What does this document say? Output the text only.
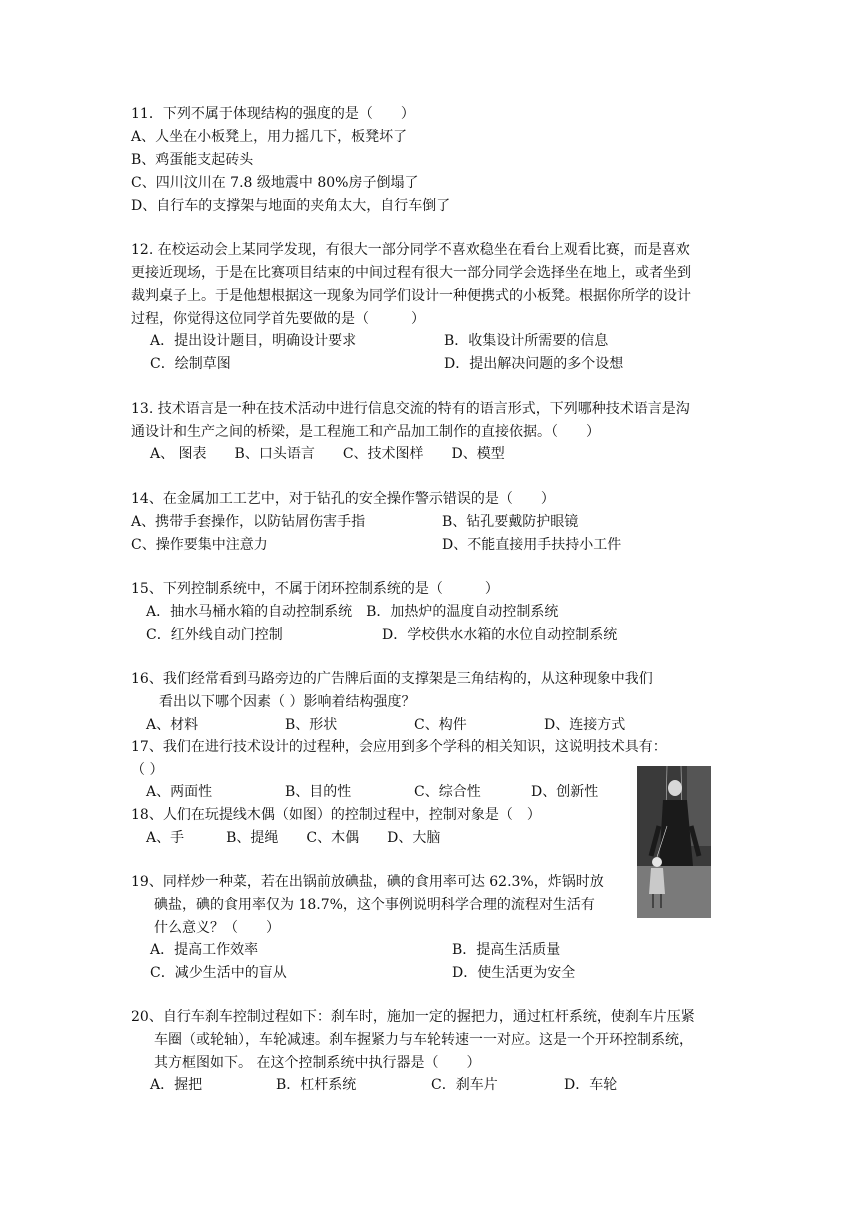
11．下列不属于体现结构的强度的是（　　）
A、人坐在小板凳上，用力摇几下，板凳坏了
B、鸡蛋能支起砖头
C、四川汶川在 7.8 级地震中 80%房子倒塌了
D、自行车的支撑架与地面的夹角太大，自行车倒了
12. 在校运动会上某同学发现，有很大一部分同学不喜欢稳坐在看台上观看比赛，而是喜欢
更接近现场，于是在比赛项目结束的中间过程有很大一部分同学会选择坐在地上，或者坐到
裁判桌子上。于是他想根据这一现象为同学们设计一种便携式的小板凳。根据你所学的设计
过程，你觉得这位同学首先要做的是（　　　）
A．提出设计题目，明确设计要求	B．收集设计所需要的信息
C．绘制草图	D．提出解决问题的多个设想
13. 技术语言是一种在技术活动中进行信息交流的特有的语言形式，下列哪种技术语言是沟
通设计和生产之间的桥梁，是工程施工和产品加工制作的直接依据。（　　）
A、 图表　　B、口头语言　　C、技术图样　　D、模型
14、在金属加工工艺中，对于钻孔的安全操作警示错误的是（　　）
A、携带手套操作，以防钻屑伤害手指	B、钻孔要戴防护眼镜
C、操作要集中注意力	D、不能直接用手扶持小工件
15、下列控制系统中，不属于闭环控制系统的是（　　　）
A．抽水马桶水箱的自动控制系统　B．加热炉的温度自动控制系统
C．红外线自动门控制	D．学校供水水箱的水位自动控制系统
16、我们经常看到马路旁边的广告牌后面的支撑架是三角结构的，从这种现象中我们
看出以下哪个因素（ ）影响着结构强度？
A、材料	B、形状	C、构件	D、连接方式
17、我们在进行技术设计的过程种，会应用到多个学科的相关知识，这说明技术具有：
（ ）
A、两面性	B、目的性	C、综合性	D、创新性
18、人们在玩提线木偶（如图）的控制过程中，控制对象是（　）
A、手　　　B、提绳　　C、木偶　　D、大脑
19、同样炒一种菜，若在出锅前放碘盐，碘的食用率可达 62.3%，炸锅时放
碘盐，碘的食用率仅为 18.7%，这个事例说明科学合理的流程对生活有
什么意义？（　　）
A．提高工作效率	B．提高生活质量
C．减少生活中的盲从	D．使生活更为安全
20、自行车刹车控制过程如下：刹车时，施加一定的握把力，通过杠杆系统，使刹车片压紧
车圈（或轮轴），车轮减速。刹车握紧力与车轮转速一一对应。这是一个开环控制系统，
其方框图如下。 在这个控制系统中执行器是（　　）
A．握把	B．杠杆系统	C．刹车片	D．车轮
